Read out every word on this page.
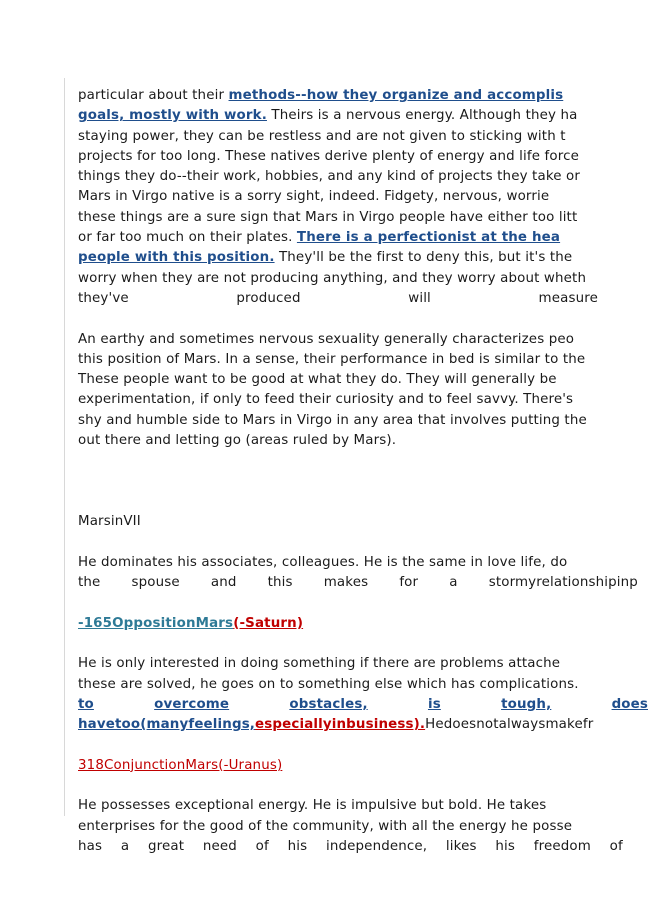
particular about their methods--how they organize and accomplis
goals, mostly with work. Theirs is a nervous energy. Although they ha
staying power, they can be restless and are not given to sticking with t
projects for too long. These natives derive plenty of energy and life force
things they do--their work, hobbies, and any kind of projects they take or
Mars in Virgo native is a sorry sight, indeed. Fidgety, nervous, worrie
these things are a sure sign that Mars in Virgo people have either too litt
or far too much on their plates. There is a perfectionist at the hea
people with this position. They'll be the first to deny this, but it's the
worry when they are not producing anything, and they worry about wheth
they've	produced	will	measure
An earthy and sometimes nervous sexuality generally characterizes peo
this position of Mars. In a sense, their performance in bed is similar to the
These people want to be good at what they do. They will generally be
experimentation, if only to feed their curiosity and to feel savvy. There's
shy and humble side to Mars in Virgo in any area that involves putting the
out there and letting go (areas ruled by Mars).
MarsinVII
He dominates his associates, colleagues. He is the same in love life, do
the spouse and this makes for a stormyrelationshipinp
-165OppositionMars(-Saturn)
He is only interested in doing something if there are problems attache
these are solved, he goes on to something else which has complications.
to	overcome	obstacles,	is	tough,	does
havetoo(manyfeelings,especiallyinbusiness).Hedoesnotalwaysmakefr
318ConjunctionMars(-Uranus)
He possesses exceptional energy. He is impulsive but bold. He takes
enterprises for the good of the community, with all the energy he posse
has a great need of his independence, likes his freedom of
